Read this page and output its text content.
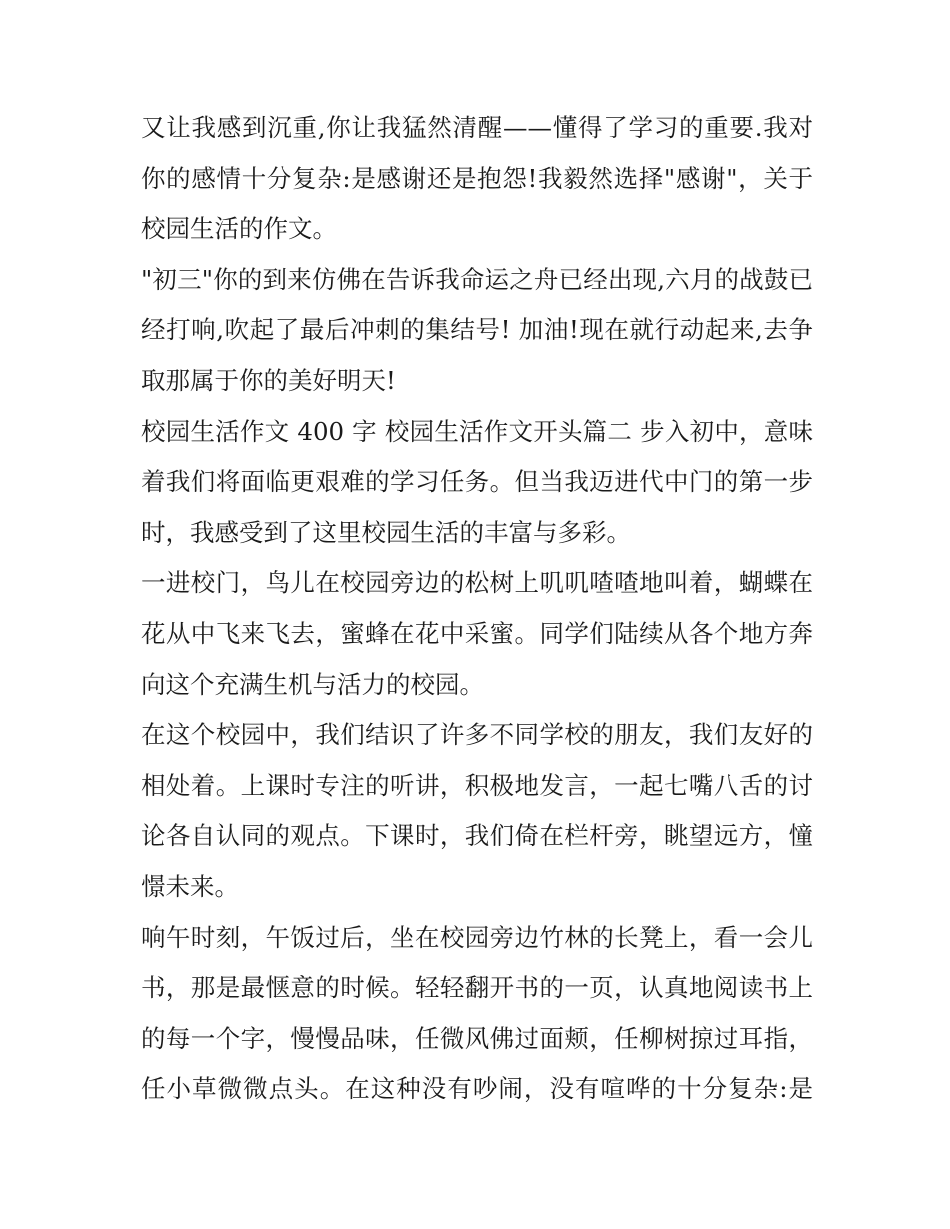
又让我感到沉重,你让我猛然清醒——懂得了学习的重要.我对
你的感情十分复杂:是感谢还是抱怨!我毅然选择"感谢"，关于
校园生活的作文。
"初三"你的到来仿佛在告诉我命运之舟已经出现,六月的战鼓已
经打响,吹起了最后冲刺的集结号! 加油!现在就行动起来,去争
取那属于你的美好明天!
校园生活作文 400 字 校园生活作文开头篇二 步入初中，意味
着我们将面临更艰难的学习任务。但当我迈进代中门的第一步
时，我感受到了这里校园生活的丰富与多彩。
一进校门，鸟儿在校园旁边的松树上叽叽喳喳地叫着，蝴蝶在
花从中飞来飞去，蜜蜂在花中采蜜。同学们陆续从各个地方奔
向这个充满生机与活力的校园。
在这个校园中，我们结识了许多不同学校的朋友，我们友好的
相处着。上课时专注的听讲，积极地发言，一起七嘴八舌的讨
论各自认同的观点。下课时，我们倚在栏杆旁，眺望远方，憧
憬未来。
响午时刻，午饭过后，坐在校园旁边竹林的长凳上，看一会儿
书，那是最惬意的时候。轻轻翻开书的一页，认真地阅读书上
的每一个字，慢慢品味，任微风佛过面颊，任柳树掠过耳指，
任小草微微点头。在这种没有吵闹，没有喧哗的十分复杂:是
